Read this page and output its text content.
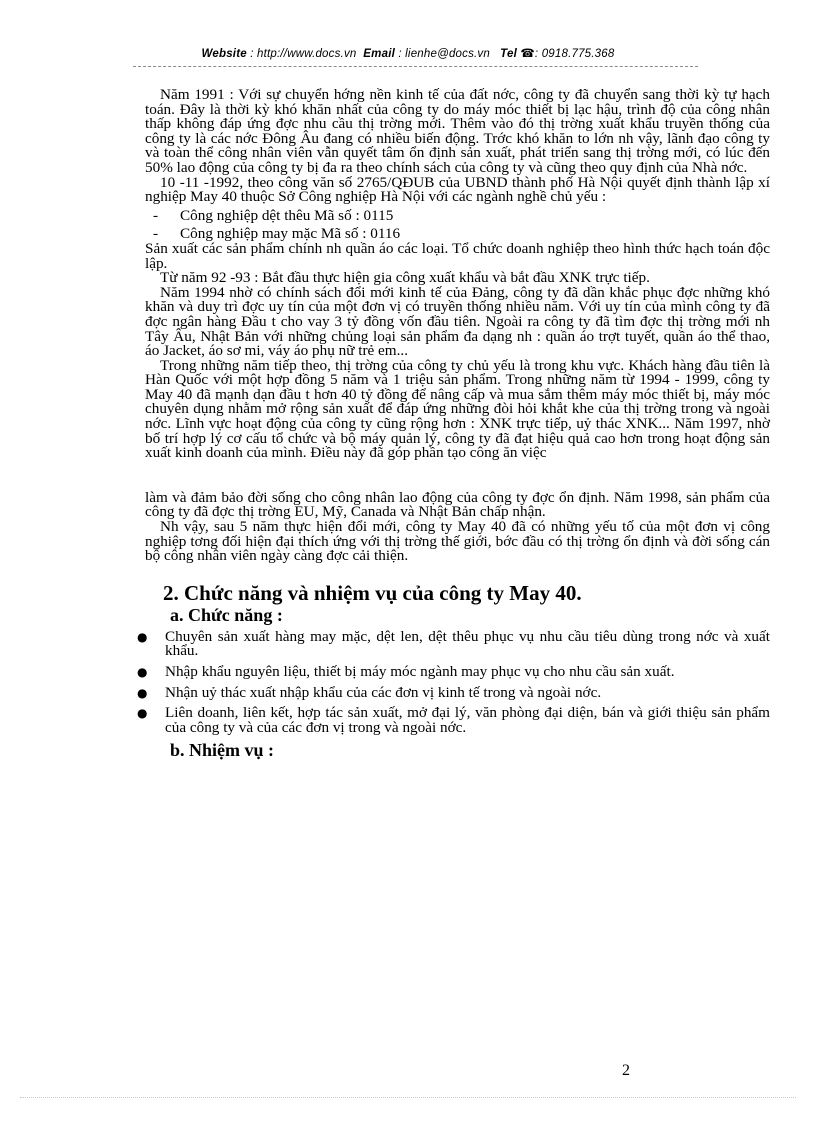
Website : http://www.docs.vn Email : lienhe@docs.vn Tel ☎: 0918.775.368

Năm 1991 : Với sự chuyển hớng nền kinh tế của đất nớc, công ty đã chuyển sang thời kỳ tự hạch toán. Đây là thời kỳ khó khăn nhất của công ty do máy móc thiết bị lạc hậu, trình độ của công nhân thấp không đáp ứng đợc nhu cầu thị trờng mới. Thêm vào đó thị trờng xuất khẩu truyền thống của công ty là các nớc Đông Âu đang có nhiều biến động. Trớc khó khăn to lớn nh vậy, lãnh đạo công ty và toàn thể công nhân viên vẫn quyết tâm ổn định sản xuất, phát triển sang thị trờng mới, có lúc đến 50% lao động của công ty bị đa ra theo chính sách của công ty và cũng theo quy định của Nhà nớc.

10 -11 -1992, theo công văn số 2765/QĐUB của UBND thành phố Hà Nội quyết định thành lập xí nghiệp May 40 thuộc Sở Công nghiệp Hà Nội với các ngành nghề chủ yếu :

-	Công nghiệp dệt thêu Mã số : 0115
-	Công nghiệp may mặc Mã số : 0116

Sản xuất các sản phẩm chính nh quần áo các loại. Tổ chức doanh nghiệp theo hình thức hạch toán độc lập.

Từ năm 92 -93 : Bắt đầu thực hiện gia công xuất khẩu và bắt đầu XNK trực tiếp.

Năm 1994 nhờ có chính sách đổi mới kinh tế của Đảng, công ty đã dần khắc phục đợc những khó khăn và duy trì đợc uy tín của một đơn vị có truyền thống nhiều năm. Với uy tín của mình công ty đã đợc ngân hàng Đầu t cho vay 3 tỷ đồng vốn đầu tiên. Ngoài ra công ty đã tìm đợc thị trờng mới nh Tây Âu, Nhật Bản với những chủng loại sản phẩm đa dạng nh : quần áo trợt tuyết, quần áo thể thao, áo Jacket, áo sơ mi, váy áo phụ nữ trẻ em...

Trong những năm tiếp theo, thị trờng của công ty chủ yếu là trong khu vực. Khách hàng đầu tiên là Hàn Quốc với một hợp đồng 5 năm và 1 triệu sản phẩm. Trong những năm từ 1994 - 1999, công ty May 40 đã mạnh dạn đầu t hơn 40 tỷ đồng để nâng cấp và mua sắm thêm máy móc thiết bị, máy móc chuyên dụng nhằm mở rộng sản xuất để đáp ứng những đòi hỏi khắt khe của thị trờng trong và ngoài nớc. Lĩnh vực hoạt động của công ty cũng rộng hơn : XNK trực tiếp, uỷ thác XNK... Năm 1997, nhờ bố trí hợp lý cơ cấu tổ chức và bộ máy quản lý, công ty đã đạt hiệu quả cao hơn trong hoạt động sản xuất kinh doanh của mình. Điều này đã góp phần tạo công ăn việc

làm và đảm bảo đời sống cho công nhân lao động của công ty đợc ổn định. Năm 1998, sản phẩm của công ty đã đợc thị trờng EU, Mỹ, Canada và Nhật Bản chấp nhận.

Nh vậy, sau 5 năm thực hiện đổi mới, công ty May 40 đã có những yếu tố của một đơn vị công nghiệp tơng đối hiện đại thích ứng với thị trờng thế giới, bớc đầu có thị trờng ổn định và đời sống cán bộ công nhân viên ngày càng đợc cải thiện.

2. Chức năng và nhiệm vụ của công ty May 40.
a. Chức năng :
●	Chuyên sản xuất hàng may mặc, dệt len, dệt thêu phục vụ nhu cầu tiêu dùng trong nớc và xuất khẩu.
●	Nhập khẩu nguyên liệu, thiết bị máy móc ngành may phục vụ cho nhu cầu sản xuất.
●	Nhận uỷ thác xuất nhập khẩu của các đơn vị kinh tế trong và ngoài nớc.
●	Liên doanh, liên kết, hợp tác sản xuất, mở đại lý, văn phòng đại diện, bán và giới thiệu sản phẩm của công ty và của các đơn vị trong và ngoài nớc.
b. Nhiệm vụ :
2
